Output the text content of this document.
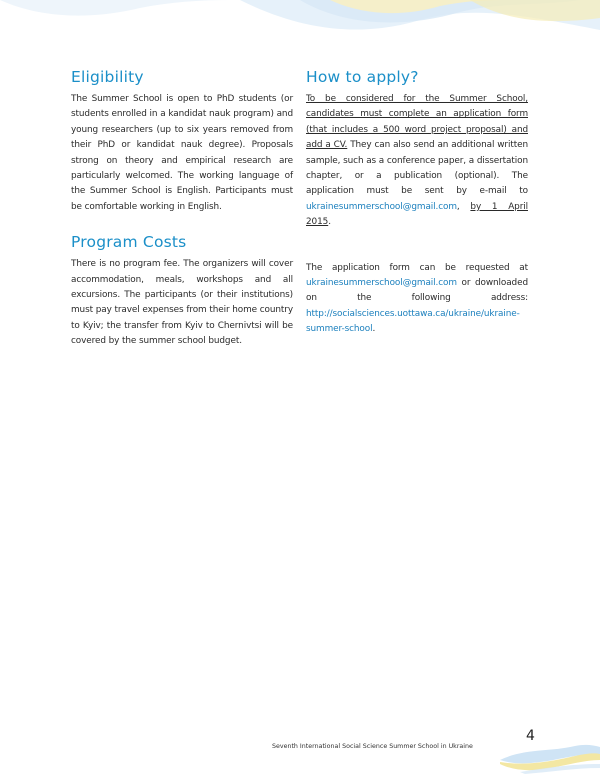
Eligibility

The Summer School is open to PhD students (or students enrolled in a kandidat nauk program) and young researchers (up to six years removed from their PhD or kandidat nauk degree). Proposals strong on theory and empirical research are particularly welcomed. The working language of the Summer School is English. Participants must be comfortable working in English.

Program Costs

There is no program fee. The organizers will cover accommodation, meals, workshops and all excursions. The participants (or their institutions) must pay travel expenses from their home country to Kyiv; the transfer from Kyiv to Chernivtsi will be covered by the summer school budget.

How to apply?

To be considered for the Summer School, candidates must complete an application form (that includes a 500 word project proposal) and add a CV. They can also send an additional written sample, such as a conference paper, a dissertation chapter, or a publication (optional). The application must be sent by e-mail to ukrainesummerschool@gmail.com, by 1 April 2015.

The application form can be requested at ukrainesummerschool@gmail.com or downloaded on the following address: http://socialsciences.uottawa.ca/ukraine/ukraine-summer-school.

Seventh International Social Science Summer School in Ukraine
4
